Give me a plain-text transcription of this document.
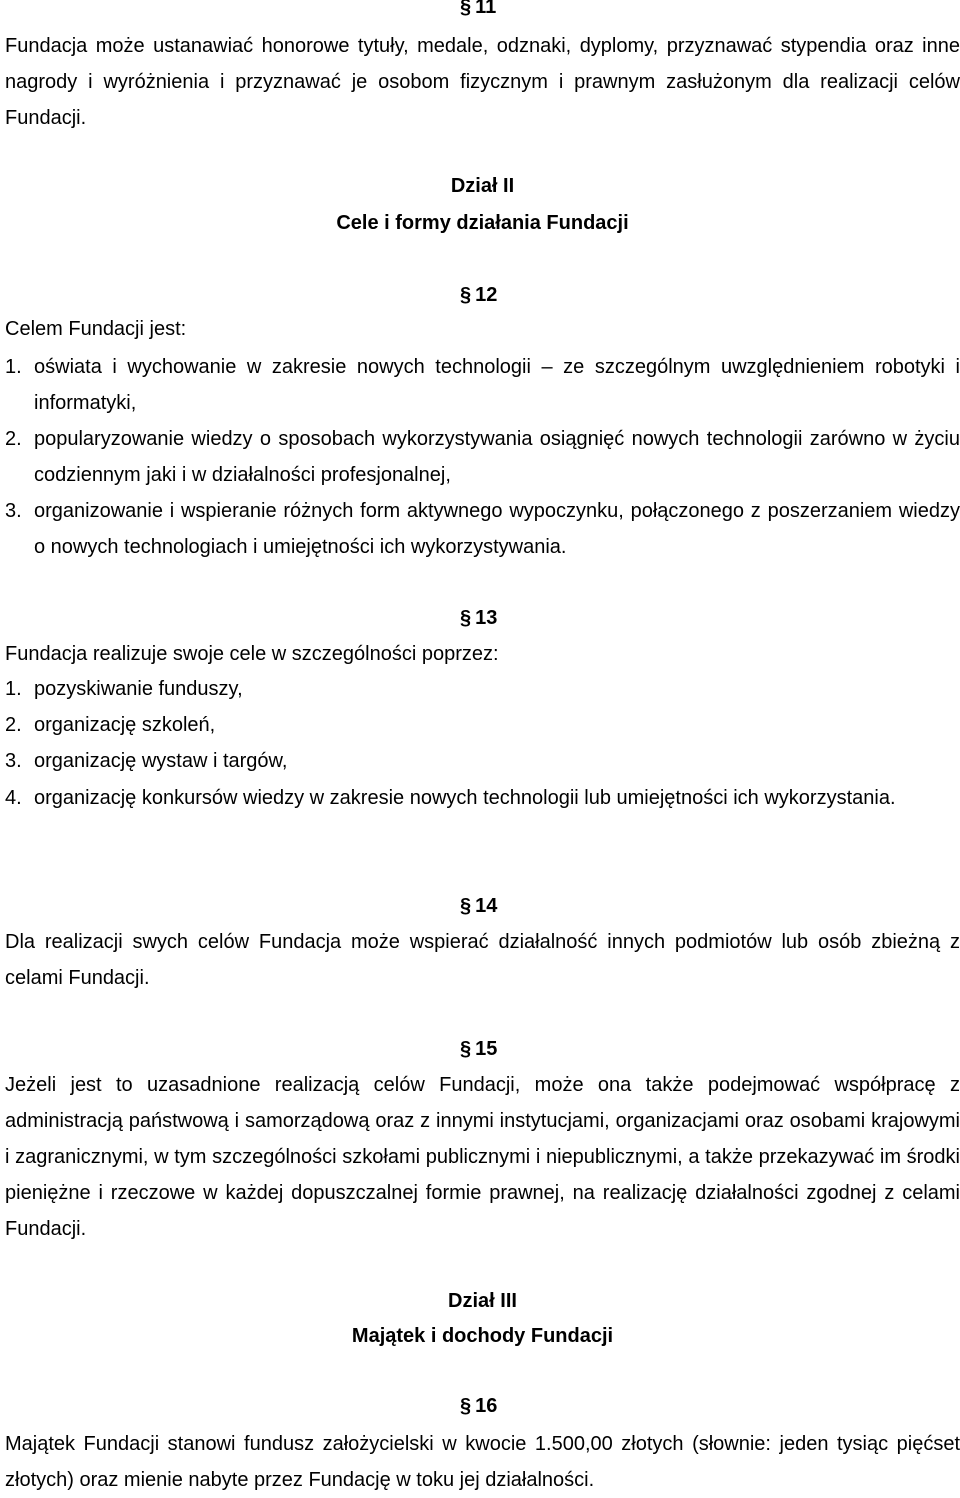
§ 11
Fundacja może ustanawiać honorowe tytuły, medale, odznaki, dyplomy, przyznawać stypendia oraz inne nagrody i wyróżnienia i przyznawać je osobom fizycznym i prawnym zasłużonym dla realizacji celów Fundacji.
Dział II
Cele i formy działania Fundacji
§ 12
Celem Fundacji jest:
1. oświata i wychowanie w zakresie nowych technologii – ze szczególnym uwzględnieniem robotyki i informatyki,
2. popularyzowanie wiedzy o sposobach wykorzystywania osiągnięć nowych technologii zarówno w życiu codziennym jaki i w działalności profesjonalnej,
3. organizowanie i wspieranie różnych form aktywnego wypoczynku, połączonego z poszerzaniem wiedzy o nowych technologiach i umiejętności ich wykorzystywania.
§ 13
Fundacja realizuje swoje cele w szczególności poprzez:
1. pozyskiwanie funduszy,
2. organizację szkoleń,
3. organizację wystaw i targów,
4. organizację konkursów wiedzy w zakresie nowych technologii lub umiejętności ich wykorzystania.
§ 14
Dla realizacji swych celów Fundacja może wspierać działalność innych podmiotów lub osób zbieżną z celami Fundacji.
§ 15
Jeżeli jest to uzasadnione realizacją celów Fundacji, może ona także podejmować współpracę z administracją państwową i samorządową oraz z innymi instytucjami, organizacjami oraz osobami krajowymi i zagranicznymi, w tym szczególności szkołami publicznymi i niepublicznymi, a także przekazywać im środki pieniężne i rzeczowe w każdej dopuszczalnej formie prawnej, na realizację działalności zgodnej z celami Fundacji.
Dział III
Majątek i dochody Fundacji
§ 16
Majątek Fundacji stanowi fundusz założycielski w kwocie 1.500,00 złotych (słownie: jeden tysiąc pięćset złotych) oraz mienie nabyte przez Fundację w toku jej działalności.
